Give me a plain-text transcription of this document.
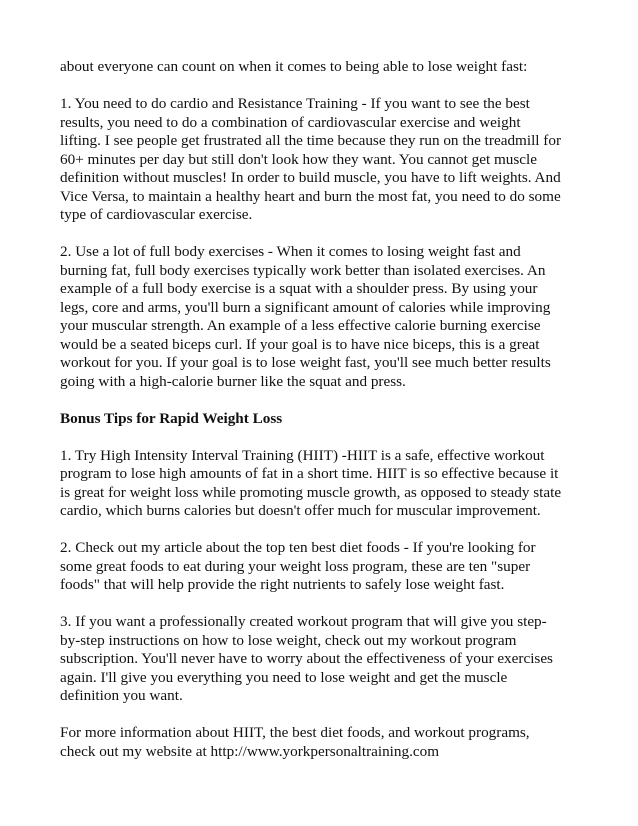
about everyone can count on when it comes to being able to lose weight fast:

1. You need to do cardio and Resistance Training - If you want to see the best
results, you need to do a combination of cardiovascular exercise and weight
lifting. I see people get frustrated all the time because they run on the treadmill for
60+ minutes per day but still don't look how they want. You cannot get muscle
definition without muscles! In order to build muscle, you have to lift weights. And
Vice Versa, to maintain a healthy heart and burn the most fat, you need to do some
type of cardiovascular exercise.

2. Use a lot of full body exercises - When it comes to losing weight fast and
burning fat, full body exercises typically work better than isolated exercises. An
example of a full body exercise is a squat with a shoulder press. By using your
legs, core and arms, you'll burn a significant amount of calories while improving
your muscular strength. An example of a less effective calorie burning exercise
would be a seated biceps curl. If your goal is to have nice biceps, this is a great
workout for you. If your goal is to lose weight fast, you'll see much better results
going with a high-calorie burner like the squat and press.

Bonus Tips for Rapid Weight Loss

1. Try High Intensity Interval Training (HIIT) -HIIT is a safe, effective workout
program to lose high amounts of fat in a short time. HIIT is so effective because it
is great for weight loss while promoting muscle growth, as opposed to steady state
cardio, which burns calories but doesn't offer much for muscular improvement.

2. Check out my article about the top ten best diet foods - If you're looking for
some great foods to eat during your weight loss program, these are ten "super
foods" that will help provide the right nutrients to safely lose weight fast.

3. If you want a professionally created workout program that will give you step-
by-step instructions on how to lose weight, check out my workout program
subscription. You'll never have to worry about the effectiveness of your exercises
again. I'll give you everything you need to lose weight and get the muscle
definition you want.

For more information about HIIT, the best diet foods, and workout programs,
check out my website at http://www.yorkpersonaltraining.com
